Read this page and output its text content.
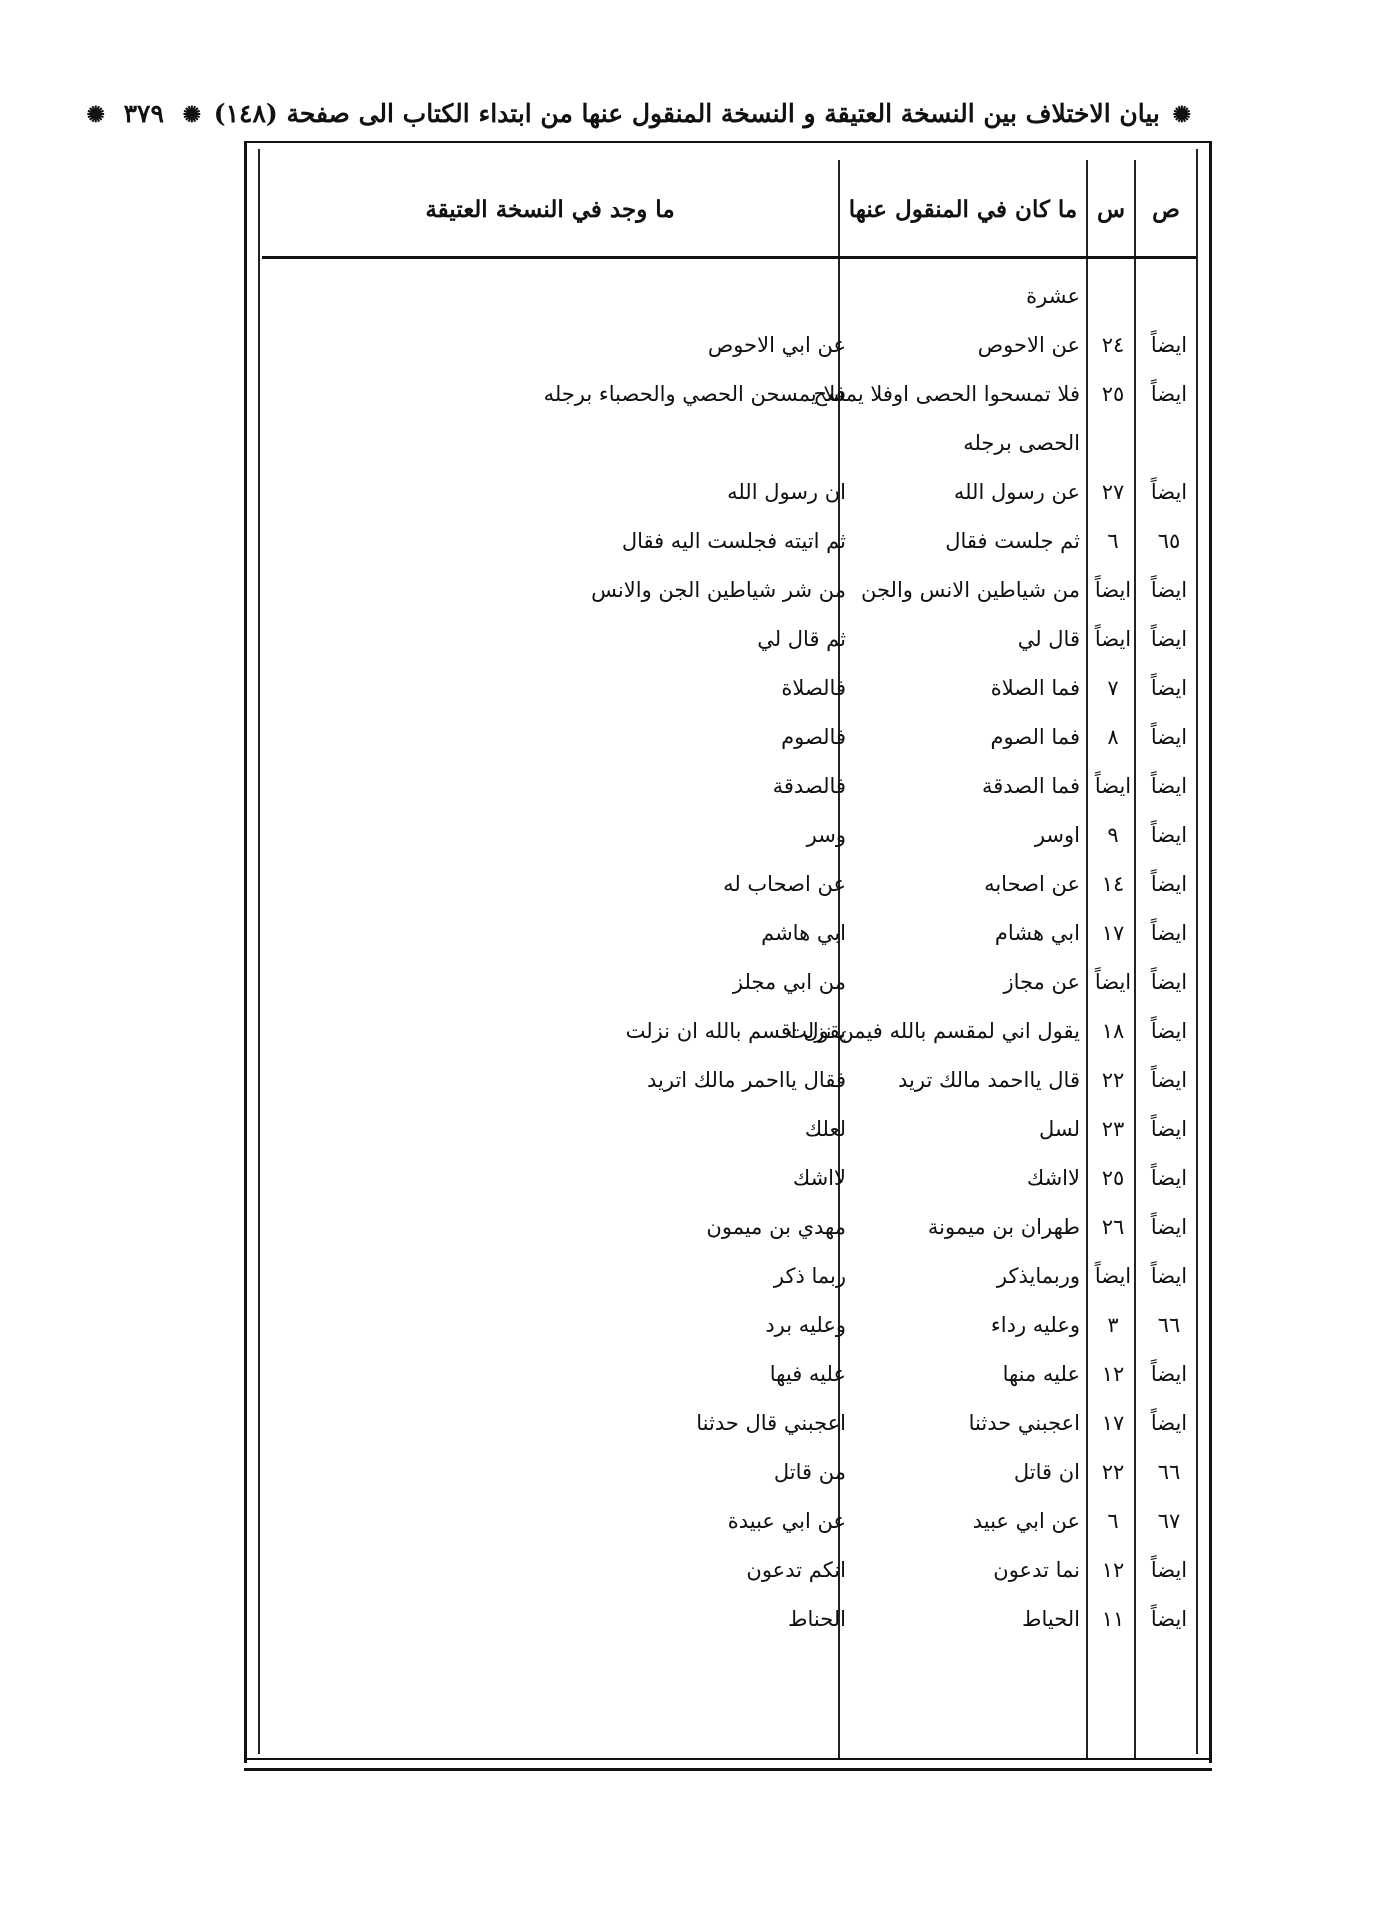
✺ بيان الاختلاف بين النسخة العتيقة و النسخة المنقول عنها من ابتداء الكتاب الى صفحة (١٤٨) ✺ ٣٧٩ ✺
ص
س
ما كان في المنقول عنها
ما وجد في النسخة العتيقة
عشرة
ايضاً
٢٤
عن الاحوص
عن ابي الاحوص
ايضاً
٢٥
فلا تمسحوا الحصى اوفلا يمسح
فلا يمسحن الحصي والحصباء برجله
الحصى برجله
ايضاً
٢٧
عن رسول الله
ان رسول الله
٦٥
٦
ثم جلست فقال
ثم اتيته فجلست اليه فقال
ايضاً
ايضاً
من شياطين الانس والجن
من شر شياطين الجن والانس
ايضاً
ايضاً
قال لي
ثم قال لي
ايضاً
٧
فما الصلاة
فالصلاة
ايضاً
٨
فما الصوم
فالصوم
ايضاً
ايضاً
فما الصدقة
فالصدقة
ايضاً
٩
اوسر
وسر
ايضاً
١٤
عن اصحابه
عن اصحاب له
ايضاً
١٧
ابي هشام
ابي هاشم
ايضاً
ايضاً
عن مجاز
من ابي مجلز
ايضاً
١٨
يقول اني لمقسم بالله فيمن نزلت
يقول اقسم بالله ان نزلت
ايضاً
٢٢
قال يااحمد مالك تريد
فقال يااحمر مالك اتريد
ايضاً
٢٣
لسل
لعلك
ايضاً
٢٥
لااشك
لااشك
ايضاً
٢٦
طهران بن ميمونة
مهدي بن ميمون
ايضاً
ايضاً
وربمايذكر
ربما ذكر
٦٦
٣
وعليه رداء
وعليه برد
ايضاً
١٢
عليه منها
عليه فيها
ايضاً
١٧
اعجبني حدثنا
اعجبني قال حدثنا
٦٦
٢٢
ان قاتل
من قاتل
٦٧
٦
عن ابي عبيد
عن ابي عبيدة
ايضاً
١٢
نما تدعون
انكم تدعون
ايضاً
١١
الحياط
الحناط
